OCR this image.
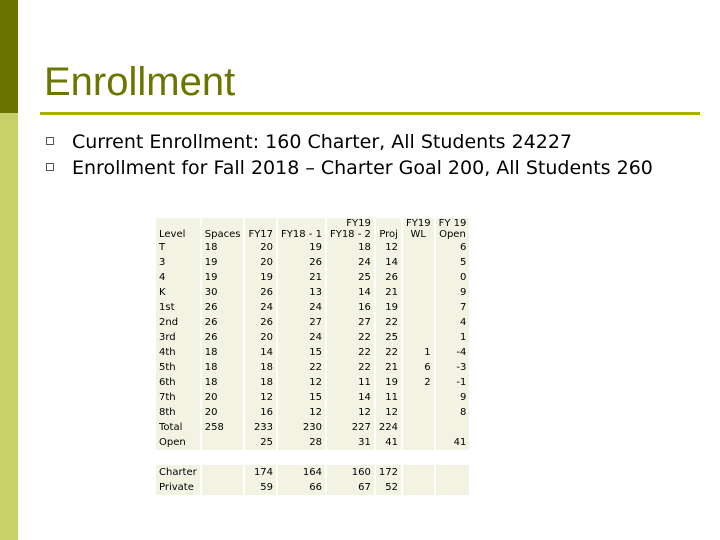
Enrollment
Current Enrollment: 160 Charter, All Students 24227
Enrollment for Fall 2018 – Charter Goal 200, All Students 260
				FY19		FY19	FY 19
Level	Spaces	FY17	FY18 - 1	FY18 - 2	Proj	WL	Open
T	18	20	19	18	12		6
3	19	20	26	24	14		5
4	19	19	21	25	26		0
K	30	26	13	14	21		9
1st	26	24	24	16	19		7
2nd	26	26	27	27	22		4
3rd	26	20	24	22	25		1
4th	18	14	15	22	22	1	-4
5th	18	18	22	22	21	6	-3
6th	18	18	12	11	19	2	-1
7th	20	12	15	14	11		9
8th	20	16	12	12	12		8
Total	258	233	230	227	224		
Open		25	28	31	41		41

Charter		174	164	160	172		
Private		59	66	67	52		
